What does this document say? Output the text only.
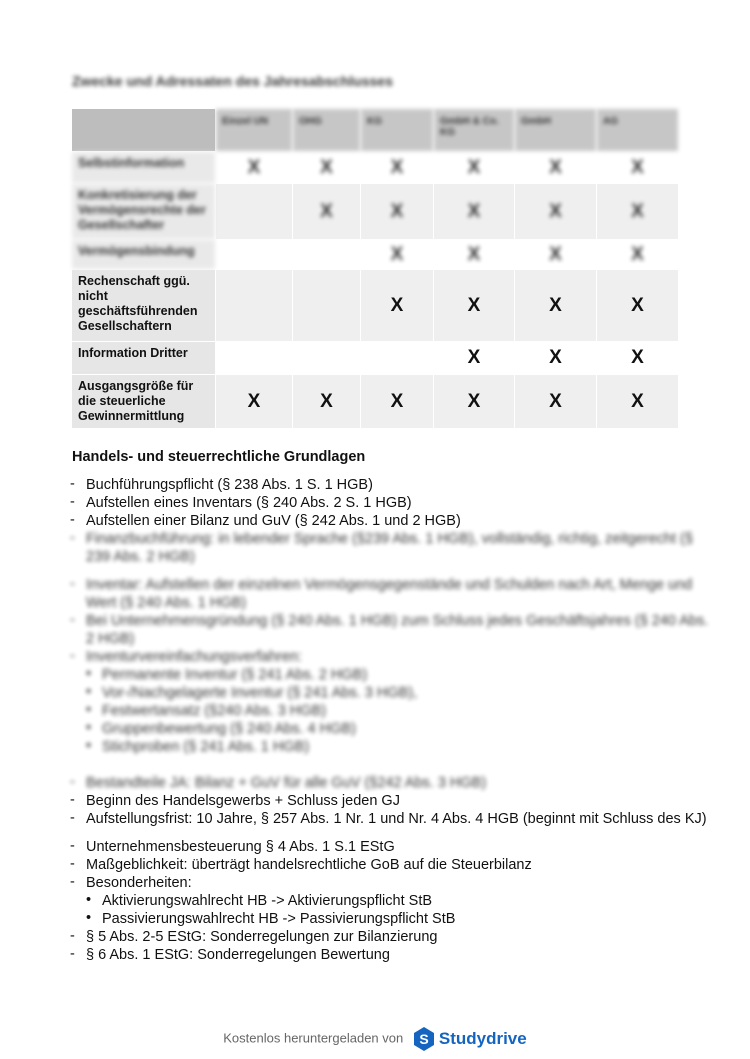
Zwecke und Adressaten des Jahresabschlusses
	Einzel UN	OHG	KG	GmbH & Co. KG	GmbH	AG
Selbstinformation	X	X	X	X	X	X
Konkretisierung der Vermögensrechte der Gesellschafter		X	X	X	X	X
Vermögensbindung			X	X	X	X
Rechenschaft ggü. nicht geschäftsführenden Gesellschaftern			X	X	X	X
Information Dritter				X	X	X
Ausgangsgröße für die steuerliche Gewinnermittlung	X	X	X	X	X	X
Handels- und steuerrechtliche Grundlagen
- Buchführungspflicht (§ 238 Abs. 1 S. 1 HGB)
- Aufstellen eines Inventars (§ 240 Abs. 2 S. 1 HGB)
- Aufstellen einer Bilanz und GuV (§ 242 Abs. 1 und 2 HGB)
- Finanzbuchführung: in lebender Sprache (§239 Abs. 1 HGB), vollständig, richtig, zeitgerecht (§ 239 Abs. 2 HGB)
- Inventar: Aufstellen der einzelnen Vermögensgegenstände und Schulden nach Art, Menge und Wert (§ 240 Abs. 1 HGB)
- Bei Unternehmensgründung (§ 240 Abs. 1 HGB) zum Schluss jedes Geschäftsjahres (§ 240 Abs. 2 HGB)
- Inventurvereinfachungsverfahren:
• Permanente Inventur (§ 241 Abs. 2 HGB)
• Vor-/Nachgelagerte Inventur (§ 241 Abs. 3 HGB),
• Festwertansatz (§240 Abs. 3 HGB)
• Gruppenbewertung (§ 240 Abs. 4 HGB)
• Stichproben (§ 241 Abs. 1 HGB)
- Bestandteile JA: Bilanz + GuV für alle GuV (§242 Abs. 3 HGB)
- Beginn des Handelsgewerbs + Schluss jeden GJ
- Aufstellungsfrist: 10 Jahre, § 257 Abs. 1 Nr. 1 und Nr. 4 Abs. 4 HGB (beginnt mit Schluss des KJ)
- Unternehmensbesteuerung § 4 Abs. 1 S.1 EStG
- Maßgeblichkeit: überträgt handelsrechtliche GoB auf die Steuerbilanz
- Besonderheiten:
• Aktivierungswahlrecht HB -> Aktivierungspflicht StB
• Passivierungswahlrecht HB -> Passivierungspflicht StB
- § 5 Abs. 2-5 EStG: Sonderregelungen zur Bilanzierung
- § 6 Abs. 1 EStG: Sonderregelungen Bewertung
Kostenlos heruntergeladen von S Studydrive
